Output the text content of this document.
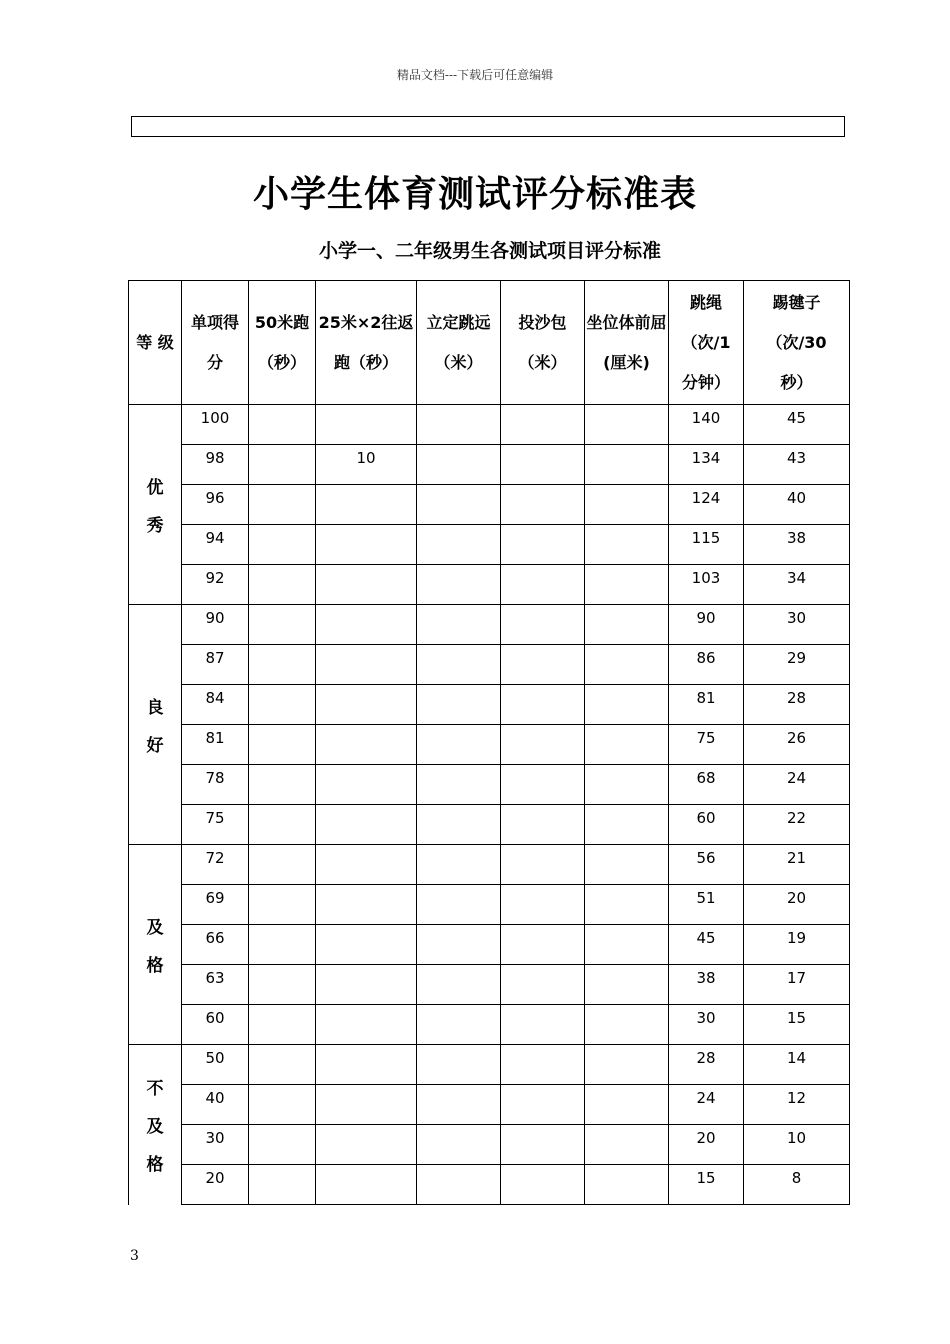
精品文档---下载后可任意编辑
小学生体育测试评分标准表
小学一、二年级男生各测试项目评分标准
等 级	单项得分	50米跑（秒）	25米×2往返跑（秒）	立定跳远（米）	投沙包（米）	坐位体前屈(厘米)	跳绳（次/1分钟）	踢毽子（次/30秒）

优
秀	100						140	45
	98		10				134	43
	96						124	40
	94						115	38
	92						103	34

良
好	90						90	30
	87						86	29
	84						81	28
	81						75	26
	78						68	24
	75						60	22

及
格	72						56	21
	69						51	20
	66						45	19
	63						38	17
	60						30	15

不
及
格	50						28	14
	40						24	12
	30						20	10
	20						15	8
3
